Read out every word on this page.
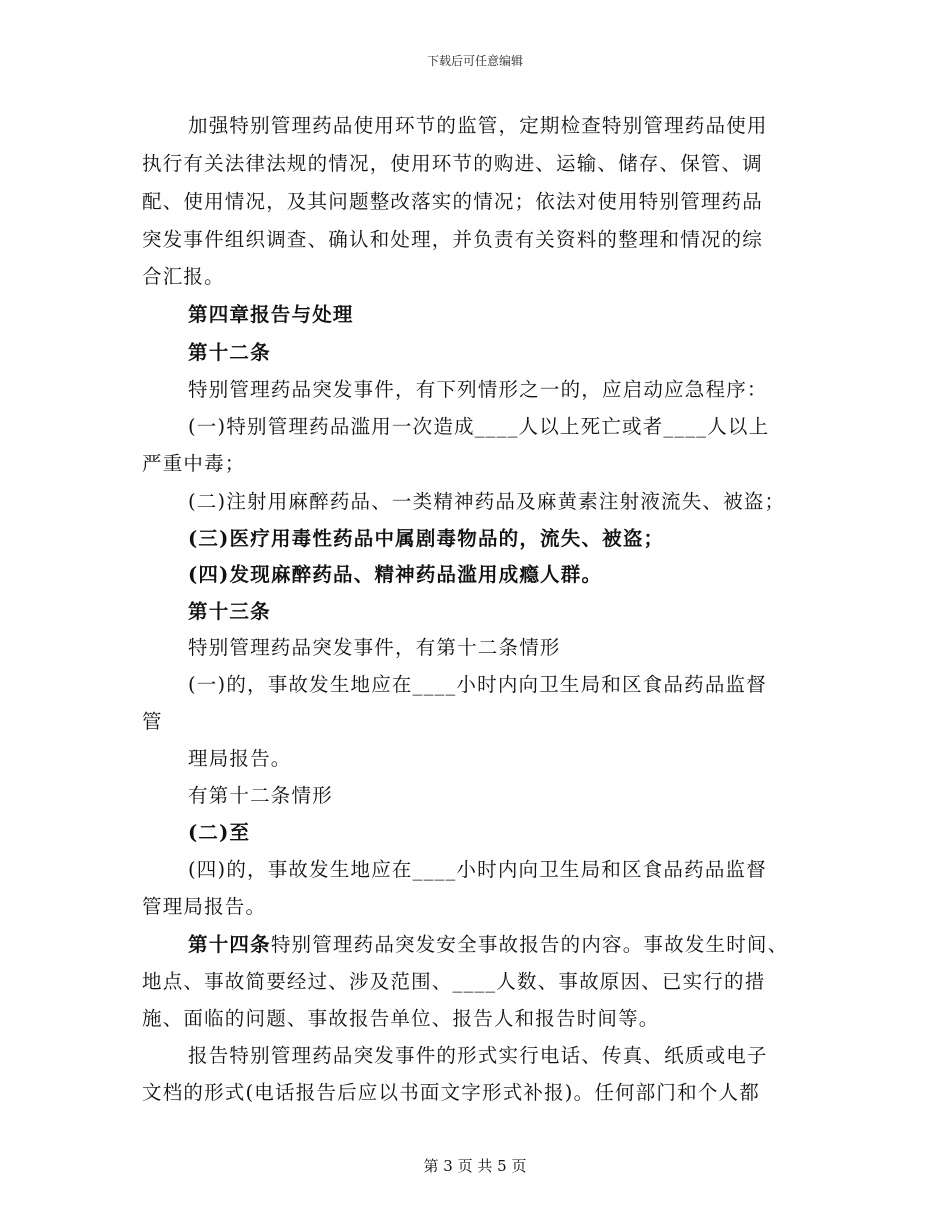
下载后可任意编辑
加强特别管理药品使用环节的监管，定期检查特别管理药品使用
执行有关法律法规的情况，使用环节的购进、运输、储存、保管、调
配、使用情况，及其问题整改落实的情况；依法对使用特别管理药品
突发事件组织调查、确认和处理，并负责有关资料的整理和情况的综
合汇报。
第四章报告与处理
第十二条
特别管理药品突发事件，有下列情形之一的，应启动应急程序：
(一)特别管理药品滥用一次造成____人以上死亡或者____人以上
严重中毒；
(二)注射用麻醉药品、一类精神药品及麻黄素注射液流失、被盗；
(三)医疗用毒性药品中属剧毒物品的，流失、被盗；
(四)发现麻醉药品、精神药品滥用成瘾人群。
第十三条
特别管理药品突发事件，有第十二条情形
(一)的，事故发生地应在____小时内向卫生局和区食品药品监督
管
理局报告。
有第十二条情形
(二)至
(四)的，事故发生地应在____小时内向卫生局和区食品药品监督
管理局报告。
第十四条特别管理药品突发安全事故报告的内容。事故发生时间、
地点、事故简要经过、涉及范围、____人数、事故原因、已实行的措
施、面临的问题、事故报告单位、报告人和报告时间等。
报告特别管理药品突发事件的形式实行电话、传真、纸质或电子
文档的形式(电话报告后应以书面文字形式补报)。任何部门和个人都
第 3 页 共 5 页
